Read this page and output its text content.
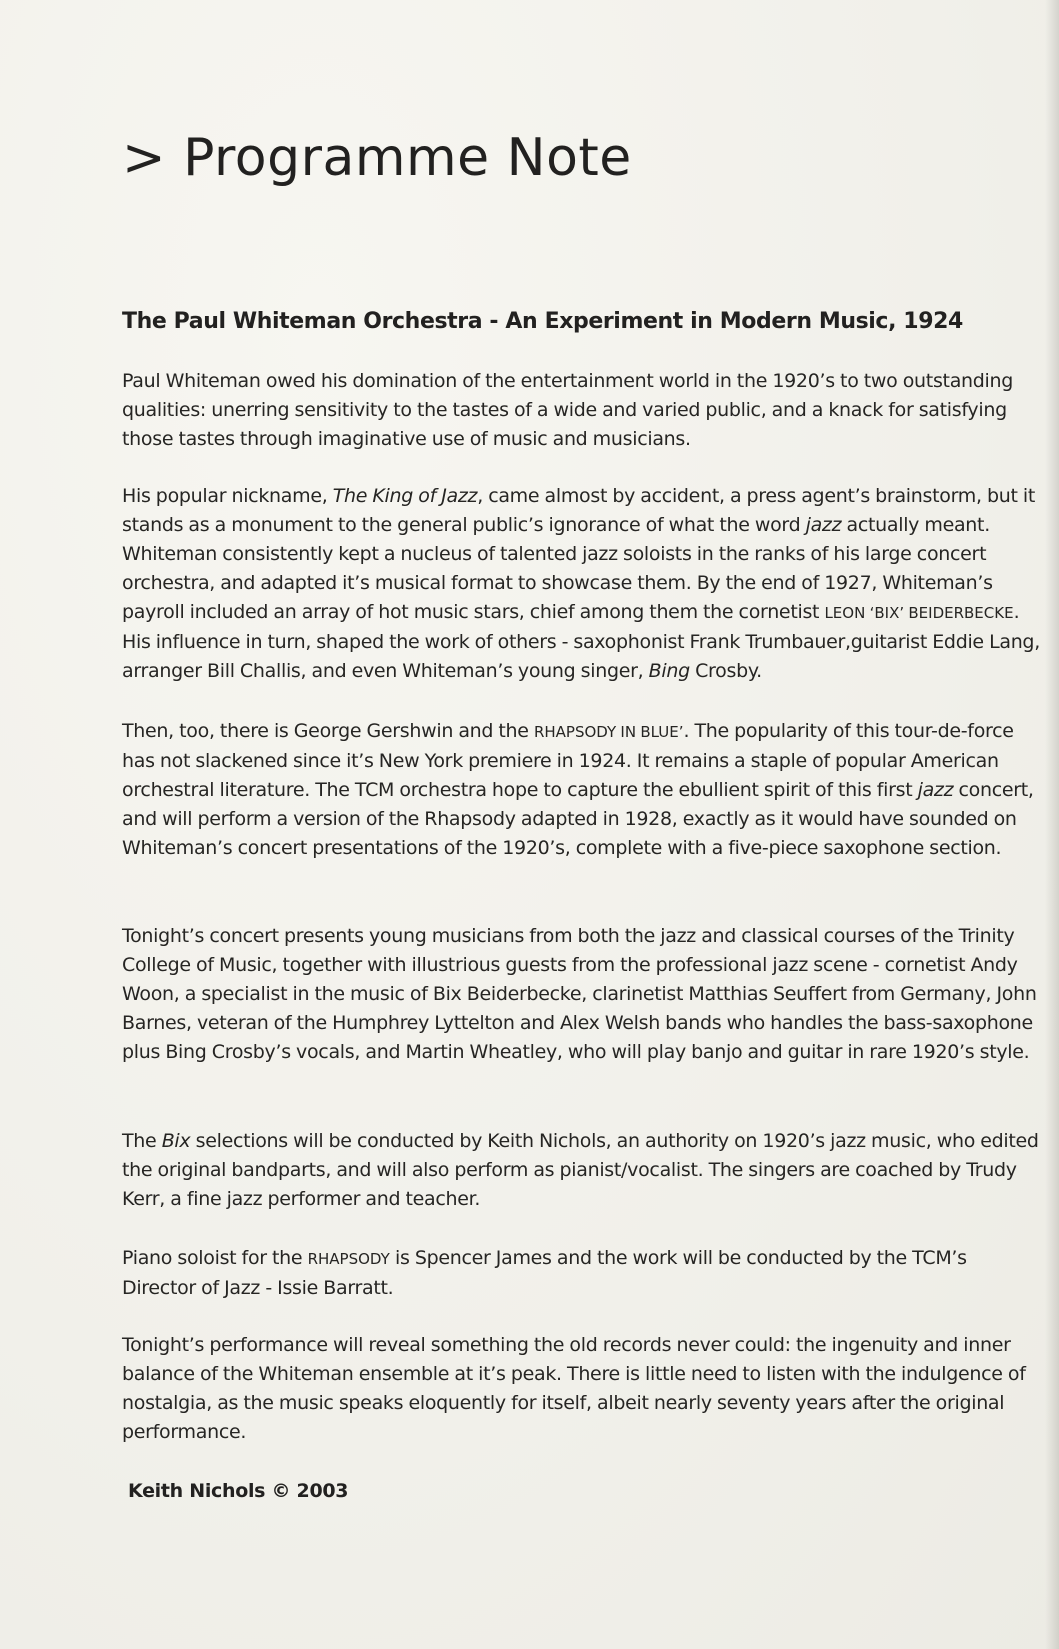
> Programme Note
The Paul Whiteman Orchestra - An Experiment in Modern Music, 1924

Paul Whiteman owed his domination of the entertainment world in the 1920’s to two outstanding qualities: unerring sensitivity to the tastes of a wide and varied public, and a knack for satisfying those tastes through imaginative use of music and musicians.

His popular nickname, The King of Jazz, came almost by accident, a press agent’s brainstorm, but it stands as a monument to the general public’s ignorance of what the word jazz actually meant. Whiteman consistently kept a nucleus of talented jazz soloists in the ranks of his large concert orchestra, and adapted it’s musical format to showcase them. By the end of 1927, Whiteman’s payroll included an array of hot music stars, chief among them the cornetist LEON ‘BIX’ BEIDERBECKE. His influence in turn, shaped the work of others - saxophonist Frank Trumbauer,guitarist Eddie Lang, arranger Bill Challis, and even Whiteman’s young singer, Bing Crosby.

Then, too, there is George Gershwin and the RHAPSODY IN BLUE’. The popularity of this tour-de-force has not slackened since it’s New York premiere in 1924. It remains a staple of popular American orchestral literature. The TCM orchestra hope to capture the ebullient spirit of this first jazz concert, and will perform a version of the Rhapsody adapted in 1928, exactly as it would have sounded on Whiteman’s concert presentations of the 1920’s, complete with a five-piece saxophone section.

Tonight’s concert presents young musicians from both the jazz and classical courses of the Trinity College of Music, together with illustrious guests from the professional jazz scene - cornetist Andy Woon, a specialist in the music of Bix Beiderbecke, clarinetist Matthias Seuffert from Germany, John Barnes, veteran of the Humphrey Lyttelton and Alex Welsh bands who handles the bass-saxophone plus Bing Crosby’s vocals, and Martin Wheatley, who will play banjo and guitar in rare 1920’s style.

The Bix selections will be conducted by Keith Nichols, an authority on 1920’s jazz music, who edited the original bandparts, and will also perform as pianist/vocalist. The singers are coached by Trudy Kerr, a fine jazz performer and teacher.

Piano soloist for the RHAPSODY is Spencer James and the work will be conducted by the TCM’s Director of Jazz - Issie Barratt.

Tonight’s performance will reveal something the old records never could: the ingenuity and inner balance of the Whiteman ensemble at it’s peak. There is little need to listen with the indulgence of nostalgia, as the music speaks eloquently for itself, albeit nearly seventy years after the original performance.

Keith Nichols © 2003
